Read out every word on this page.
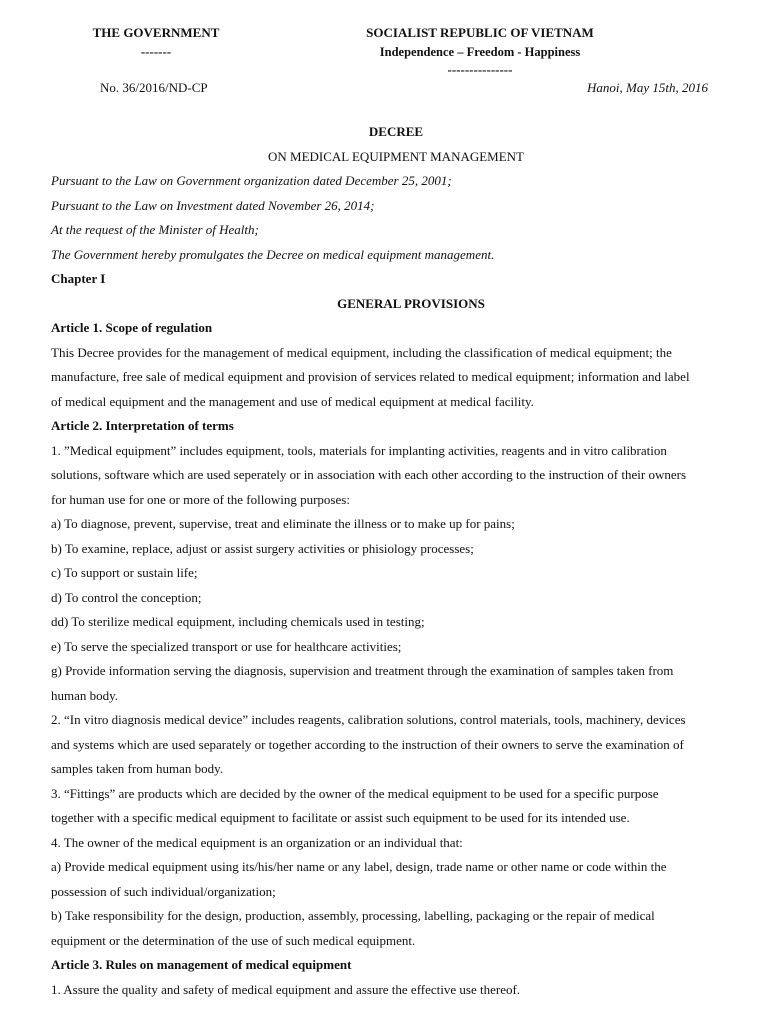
THE GOVERNMENT
-------
SOCIALIST REPUBLIC OF VIETNAM
Independence – Freedom - Happiness
---------------
No. 36/2016/ND-CP	Hanoi, May 15th, 2016
DECREE
ON MEDICAL EQUIPMENT MANAGEMENT
Pursuant to the Law on Government organization dated December 25, 2001;
Pursuant to the Law on Investment dated November 26, 2014;
At the request of the Minister of Health;
The Government hereby promulgates the Decree on medical equipment management.
Chapter I
GENERAL PROVISIONS
Article 1. Scope of regulation
This Decree provides for the management of medical equipment, including the classification of medical equipment; the
manufacture, free sale of medical equipment and provision of services related to medical equipment; information and label
of medical equipment and the management and use of medical equipment at medical facility.
Article 2. Interpretation of terms
1. ”Medical equipment” includes equipment, tools, materials for implanting activities, reagents and in vitro calibration
solutions, software which are used seperately or in association with each other according to the instruction of their owners
for human use for one or more of the following purposes:
a) To diagnose, prevent, supervise, treat and eliminate the illness or to make up for pains;
b) To examine, replace, adjust or assist surgery activities or phisiology processes;
c) To support or sustain life;
d) To control the conception;
dd) To sterilize medical equipment, including chemicals used in testing;
e) To serve the specialized transport or use for healthcare activities;
g) Provide information serving the diagnosis, supervision and treatment through the examination of samples taken from
human body.
2. “In vitro diagnosis medical device” includes reagents, calibration solutions, control materials, tools, machinery, devices
and systems which are used separately or together according to the instruction of their owners to serve the examination of
samples taken from human body.
3. “Fittings” are products which are decided by the owner of the medical equipment to be used for a specific purpose
together with a specific medical equipment to facilitate or assist such equipment to be used for its intended use.
4. The owner of the medical equipment is an organization or an individual that:
a) Provide medical equipment using its/his/her name or any label, design, trade name or other name or code within the
possession of such individual/organization;
b) Take responsibility for the design, production, assembly, processing, labelling, packaging or the repair of medical
equipment or the determination of the use of such medical equipment.
Article 3. Rules on management of medical equipment
1. Assure the quality and safety of medical equipment and assure the effective use thereof.
